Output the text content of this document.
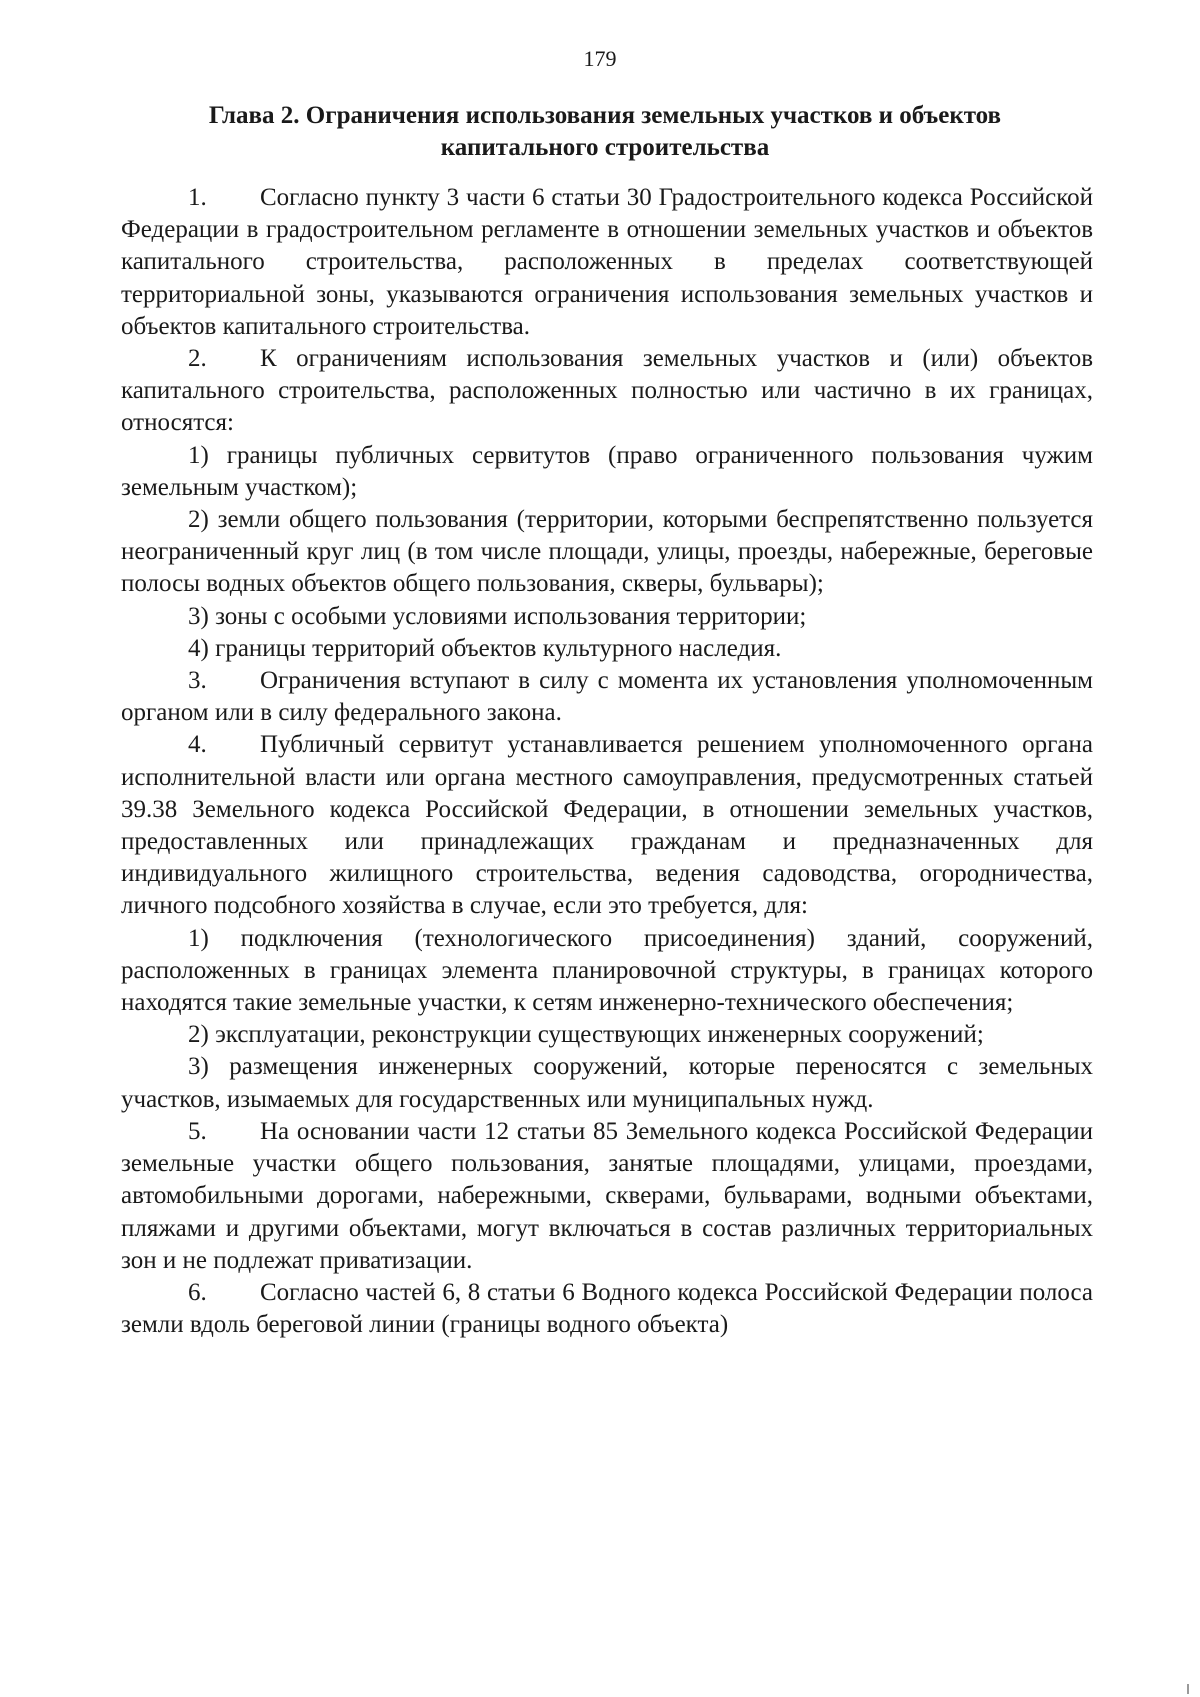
179
Глава 2. Ограничения использования земельных участков и объектов
капитального строительства

1. Согласно пункту 3 части 6 статьи 30 Градостроительного кодекса Российской Федерации в градостроительном регламенте в отношении земельных участков и объектов капитального строительства, расположенных в пределах соответствующей территориальной зоны, указываются ограничения использования земельных участков и объектов капитального строительства.

2. К ограничениям использования земельных участков и (или) объектов капитального строительства, расположенных полностью или частично в их границах, относятся:

1) границы публичных сервитутов (право ограниченного пользования чужим земельным участком);

2) земли общего пользования (территории, которыми беспрепятственно пользуется неограниченный круг лиц (в том числе площади, улицы, проезды, набережные, береговые полосы водных объектов общего пользования, скверы, бульвары);

3) зоны с особыми условиями использования территории;

4) границы территорий объектов культурного наследия.

3. Ограничения вступают в силу с момента их установления уполномоченным органом или в силу федерального закона.

4. Публичный сервитут устанавливается решением уполномоченного органа исполнительной власти или органа местного самоуправления, предусмотренных статьей 39.38 Земельного кодекса Российской Федерации, в отношении земельных участков, предоставленных или принадлежащих гражданам и предназначенных для индивидуального жилищного строительства, ведения садоводства, огородничества, личного подсобного хозяйства в случае, если это требуется, для:

1) подключения (технологического присоединения) зданий, сооружений, расположенных в границах элемента планировочной структуры, в границах которого находятся такие земельные участки, к сетям инженерно-технического обеспечения;

2) эксплуатации, реконструкции существующих инженерных сооружений;

3) размещения инженерных сооружений, которые переносятся с земельных участков, изымаемых для государственных или муниципальных нужд.

5. На основании части 12 статьи 85 Земельного кодекса Российской Федерации земельные участки общего пользования, занятые площадями, улицами, проездами, автомобильными дорогами, набережными, скверами, бульварами, водными объектами, пляжами и другими объектами, могут включаться в состав различных территориальных зон и не подлежат приватизации.

6. Согласно частей 6, 8 статьи 6 Водного кодекса Российской Федерации полоса земли вдоль береговой линии (границы водного объекта)
